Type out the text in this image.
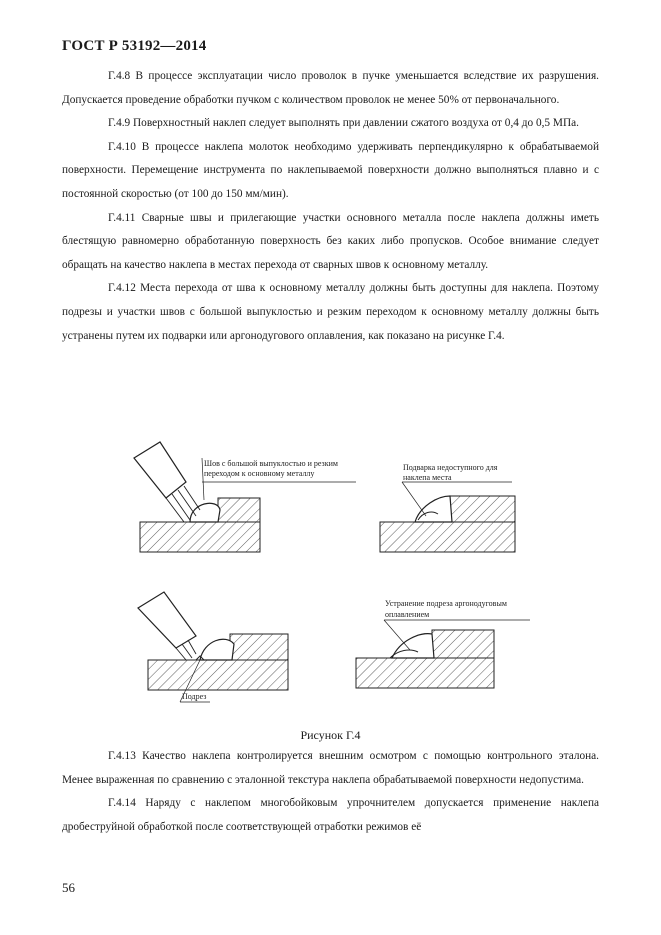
ГОСТ Р 53192—2014
Г.4.8 В процессе эксплуатации число проволок в пучке уменьшается вследствие их разрушения. Допускается проведение обработки пучком с количеством проволок не менее 50% от первоначального.
Г.4.9 Поверхностный наклеп следует выполнять при давлении сжатого воздуха от 0,4 до 0,5 МПа.
Г.4.10 В процессе наклепа молоток необходимо удерживать перпендикулярно к обрабатываемой поверхности. Перемещение инструмента по наклепываемой поверхности должно выполняться плавно и с постоянной скоростью (от 100 до 150 мм/мин).
Г.4.11 Сварные швы и прилегающие участки основного металла после наклепа должны иметь блестящую равномерно обработанную поверхность без каких либо пропусков. Особое внимание следует обращать на качество наклепа в местах перехода от сварных швов к основному металлу.
Г.4.12 Места перехода от шва к основному металлу должны быть доступны для наклепа. Поэтому подрезы и участки швов с большой выпуклостью и резким переходом к основному металлу должны быть устранены путем их подварки или аргонодугового оплавления, как показано на рисунке Г.4.
Шов с большой выпуклостью и резким
переходом к основному металлу
Подварка недоступного для
наклепа места
Подрез
Устранение подреза аргонодуговым
оплавлением
Рисунок Г.4
Г.4.13 Качество наклепа контролируется внешним осмотром с помощью контрольного эталона. Менее выраженная по сравнению с эталонной текстура наклепа обрабатываемой поверхности недопустима.
Г.4.14 Наряду с наклепом многобойковым упрочнителем допускается применение наклепа дробеструйной обработкой после соответствующей отработки режимов её
56
